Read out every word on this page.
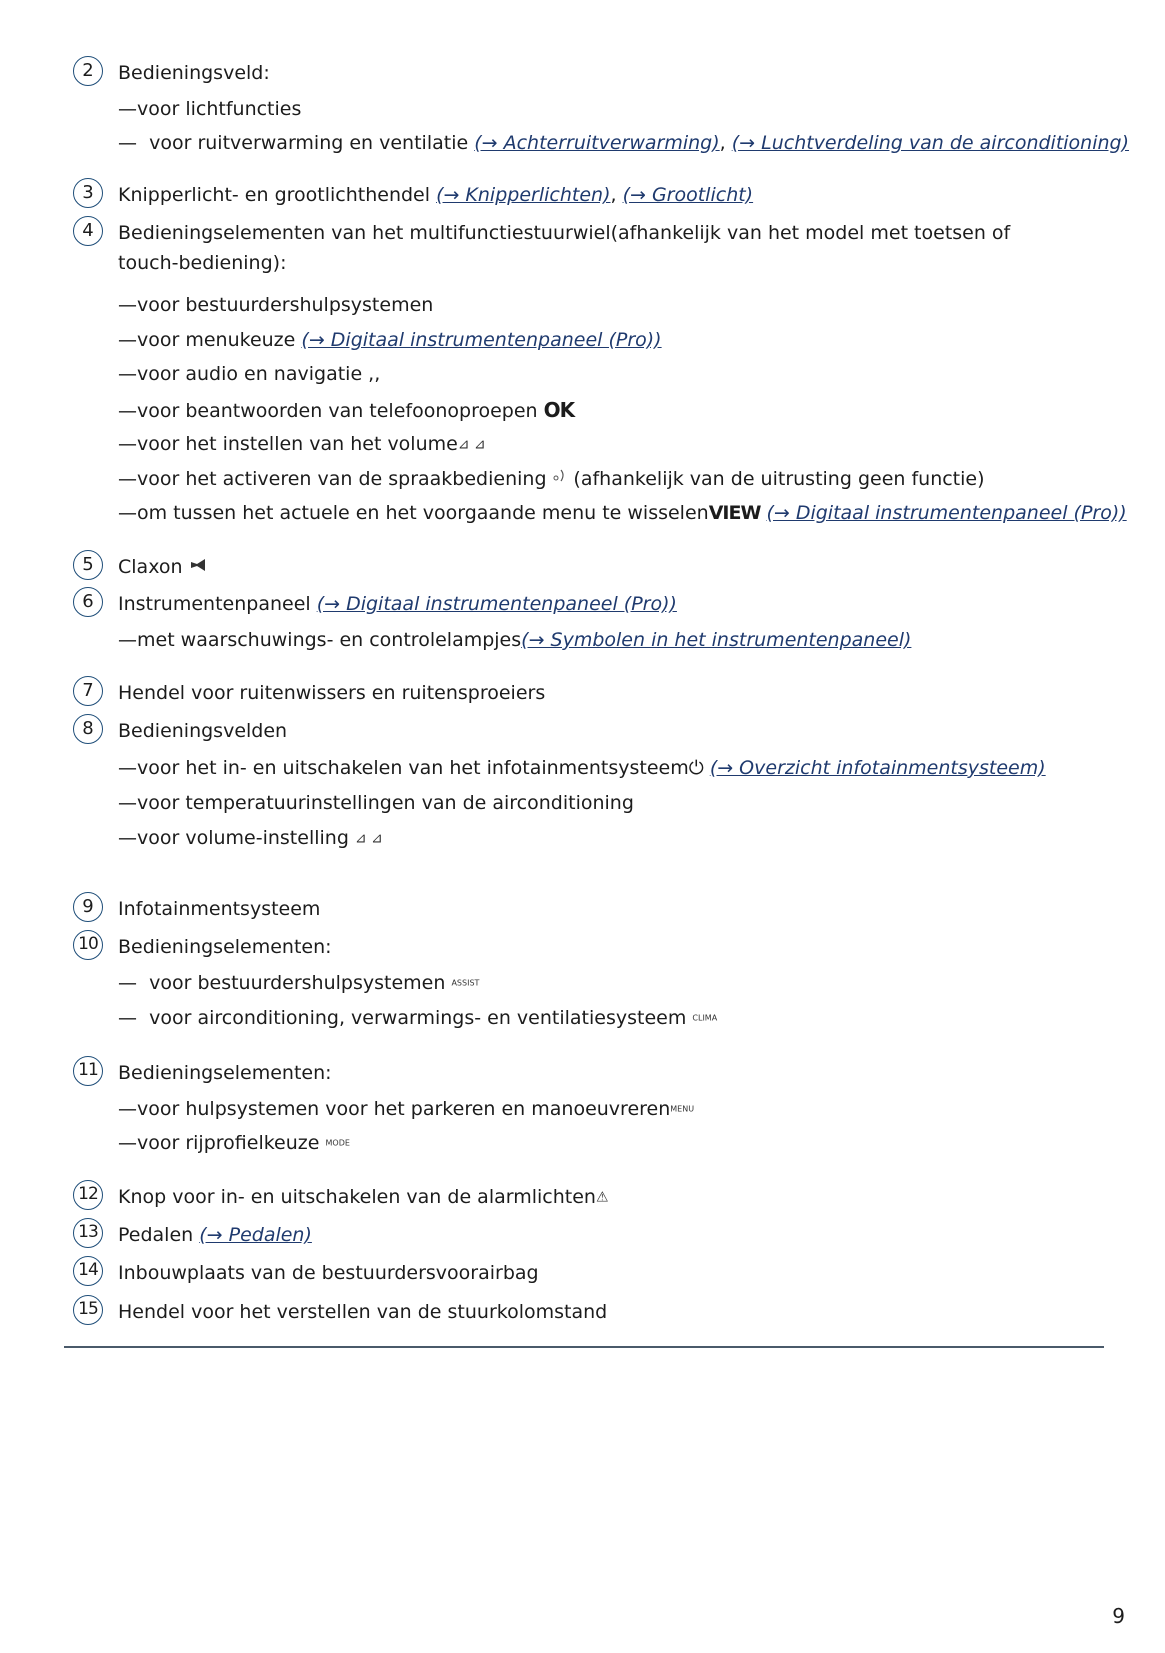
2	Bedieningsveld:
—voor lichtfuncties
— voor ruitverwarming en ventilatie (→ Achterruitverwarming), (→ Luchtverdeling van de airconditioning)
3	Knipperlicht- en grootlichthendel (→ Knipperlichten), (→ Grootlicht)
4	Bedieningselementen van het multifunctiestuurwiel(afhankelijk van het model met toetsen of touch-bediening):
—voor bestuurdershulpsystemen
—voor menukeuze (→ Digitaal instrumentenpaneel (Pro))
—voor audio en navigatie ,,
—voor beantwoorden van telefoonoproepen OK
—voor het instellen van het volume⊿ ⊿
—voor het activeren van de spraakbediening (afhankelijk van de uitrusting geen functie)
—om tussen het actuele en het voorgaande menu te wisselenVIEW (→ Digitaal instrumentenpaneel (Pro))
5	Claxon
6	Instrumentenpaneel (→ Digitaal instrumentenpaneel (Pro))
—met waarschuwings- en controlelampjes(→ Symbolen in het instrumentenpaneel)
7	Hendel voor ruitenwissers en ruitensproeiers
8	Bedieningsvelden
—voor het in- en uitschakelen van het infotainmentsysteem⏻ (→ Overzicht infotainmentsysteem)
—voor temperatuurinstellingen van de airconditioning
—voor volume-instelling ⊿ ⊿
9	Infotainmentsysteem
10 Bedieningselementen:
— voor bestuurdershulpsystemen ASSIST
— voor airconditioning, verwarmings- en ventilatiesysteem CLIMA
11 Bedieningselementen:
—voor hulpsystemen voor het parkeren en manoeuvrerenMENU
—voor rijprofielkeuze MODE
12 Knop voor in- en uitschakelen van de alarmlichten⚠
13 Pedalen (→ Pedalen)
14 Inbouwplaats van de bestuurdersvoorairbag
15 Hendel voor het verstellen van de stuurkolomstand
9
